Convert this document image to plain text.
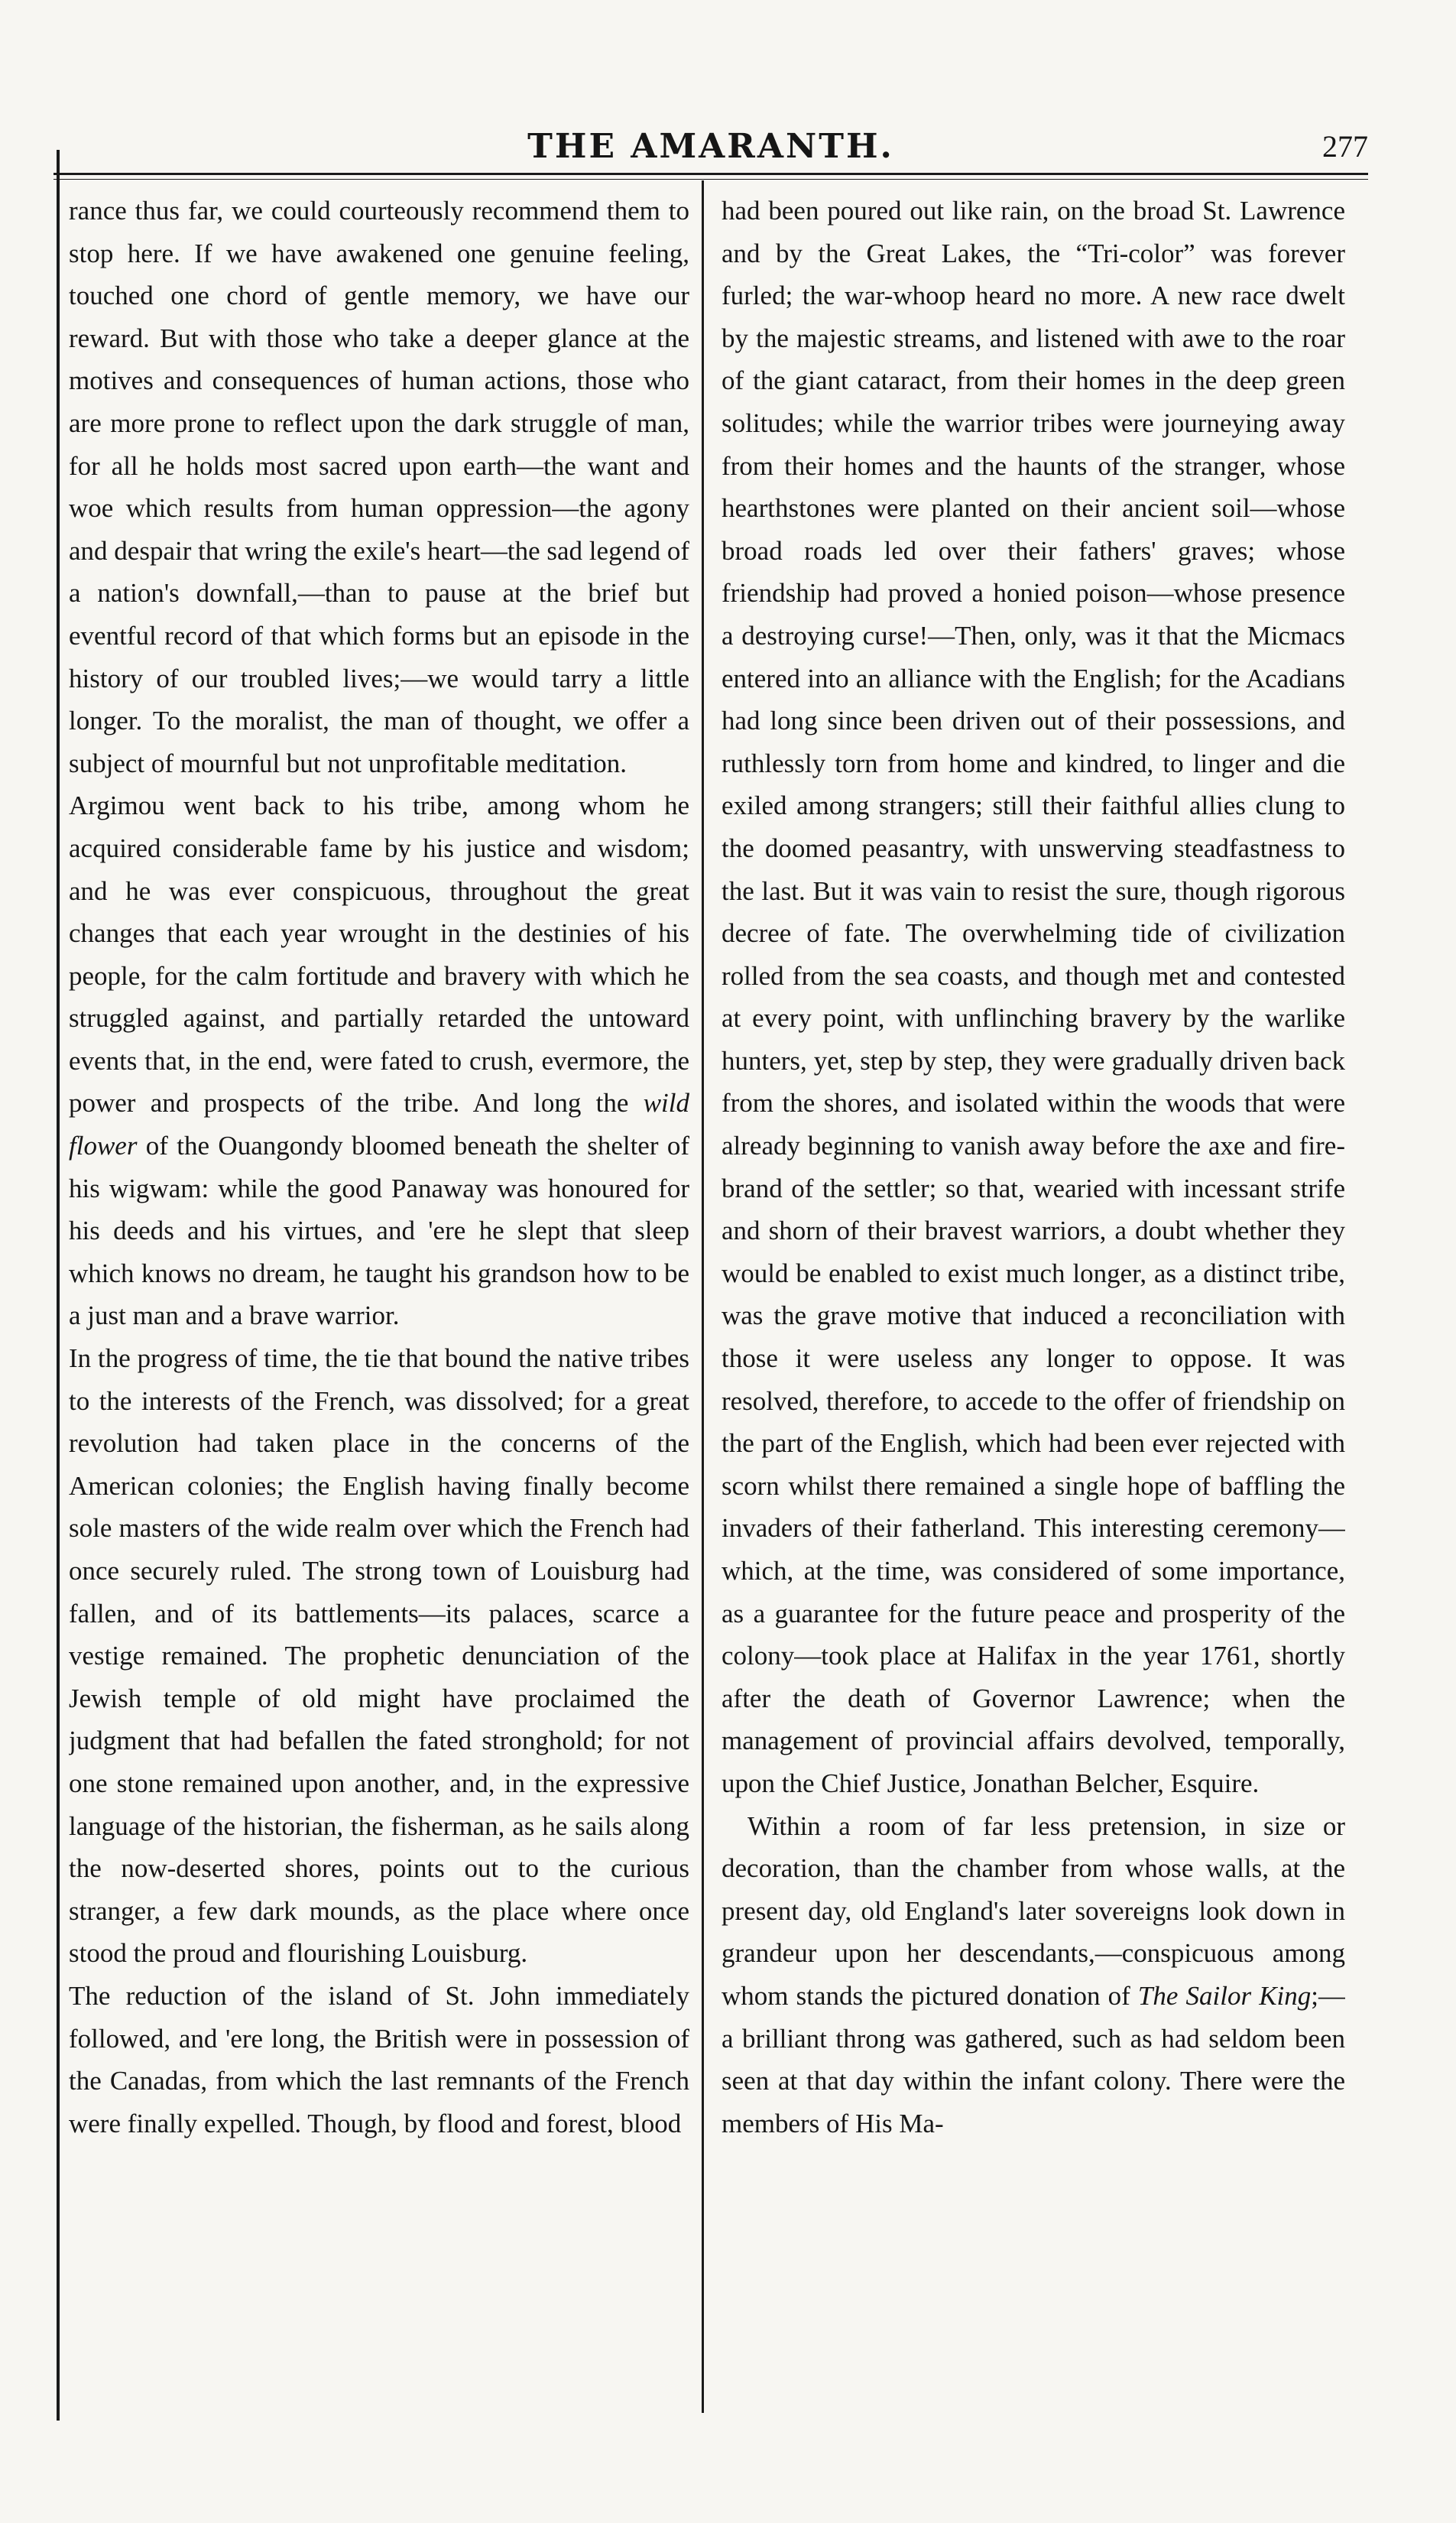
THE AMARANTH.	277

rance thus far, we could courteously recommend them to stop here. If we have awakened one genuine feeling, touched one chord of gentle memory, we have our reward. But with those who take a deeper glance at the motives and consequences of human actions, those who are more prone to reflect upon the dark struggle of man, for all he holds most sacred upon earth—the want and woe which results from human oppression—the agony and despair that wring the exile's heart—the sad legend of a nation's downfall,—than to pause at the brief but eventful record of that which forms but an episode in the history of our troubled lives;—we would tarry a little longer. To the moralist, the man of thought, we offer a subject of mournful but not unprofitable meditation.

Argimou went back to his tribe, among whom he acquired considerable fame by his justice and wisdom; and he was ever conspicuous, throughout the great changes that each year wrought in the destinies of his people, for the calm fortitude and bravery with which he struggled against, and partially retarded the untoward events that, in the end, were fated to crush, evermore, the power and prospects of the tribe. And long the wild flower of the Ouangondy bloomed beneath the shelter of his wigwam: while the good Panaway was honoured for his deeds and his virtues, and 'ere he slept that sleep which knows no dream, he taught his grandson how to be a just man and a brave warrior.

In the progress of time, the tie that bound the native tribes to the interests of the French, was dissolved; for a great revolution had taken place in the concerns of the American colonies; the English having finally become sole masters of the wide realm over which the French had once securely ruled. The strong town of Louisburg had fallen, and of its battlements—its palaces, scarce a vestige remained. The prophetic denunciation of the Jewish temple of old might have proclaimed the judgment that had befallen the fated stronghold; for not one stone remained upon another, and, in the expressive language of the historian, the fisherman, as he sails along the now-deserted shores, points out to the curious stranger, a few dark mounds, as the place where once stood the proud and flourishing Louisburg.

The reduction of the island of St. John immediately followed, and 'ere long, the British were in possession of the Canadas, from which the last remnants of the French were finally expelled. Though, by flood and forest, blood

had been poured out like rain, on the broad St. Lawrence and by the Great Lakes, the “Tri-color” was forever furled; the war-whoop heard no more. A new race dwelt by the majestic streams, and listened with awe to the roar of the giant cataract, from their homes in the deep green solitudes; while the warrior tribes were journeying away from their homes and the haunts of the stranger, whose hearthstones were planted on their ancient soil—whose broad roads led over their fathers' graves; whose friendship had proved a honied poison—whose presence a destroying curse!—Then, only, was it that the Micmacs entered into an alliance with the English; for the Acadians had long since been driven out of their possessions, and ruthlessly torn from home and kindred, to linger and die exiled among strangers; still their faithful allies clung to the doomed peasantry, with unswerving steadfastness to the last. But it was vain to resist the sure, though rigorous decree of fate. The overwhelming tide of civilization rolled from the sea coasts, and though met and contested at every point, with unflinching bravery by the warlike hunters, yet, step by step, they were gradually driven back from the shores, and isolated within the woods that were already beginning to vanish away before the axe and fire-brand of the settler; so that, wearied with incessant strife and shorn of their bravest warriors, a doubt whether they would be enabled to exist much longer, as a distinct tribe, was the grave motive that induced a reconciliation with those it were useless any longer to oppose. It was resolved, therefore, to accede to the offer of friendship on the part of the English, which had been ever rejected with scorn whilst there remained a single hope of baffling the invaders of their fatherland. This interesting ceremony—which, at the time, was considered of some importance, as a guarantee for the future peace and prosperity of the colony—took place at Halifax in the year 1761, shortly after the death of Governor Lawrence; when the management of provincial affairs devolved, temporally, upon the Chief Justice, Jonathan Belcher, Esquire.

Within a room of far less pretension, in size or decoration, than the chamber from whose walls, at the present day, old England's later sovereigns look down in grandeur upon her descendants,—conspicuous among whom stands the pictured donation of The Sailor King;—a brilliant throng was gathered, such as had seldom been seen at that day within the infant colony. There were the members of His Ma-
